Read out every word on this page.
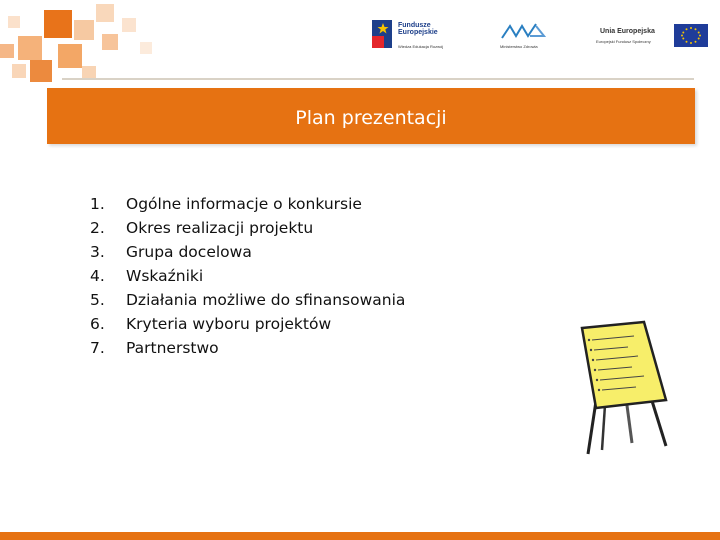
Fundusze Europejskie
Wiedza Edukacja Rozwój	Ministerstwo Zdrowia
Unia Europejska
Europejski Fundusz Społeczny
Plan prezentacji
1.	Ogólne informacje o konkursie
2.	Okres realizacji projektu
3.	Grupa docelowa
4.	Wskaźniki
5.	Działania możliwe do sfinansowania
6.	Kryteria wyboru projektów
7.	Partnerstwo
